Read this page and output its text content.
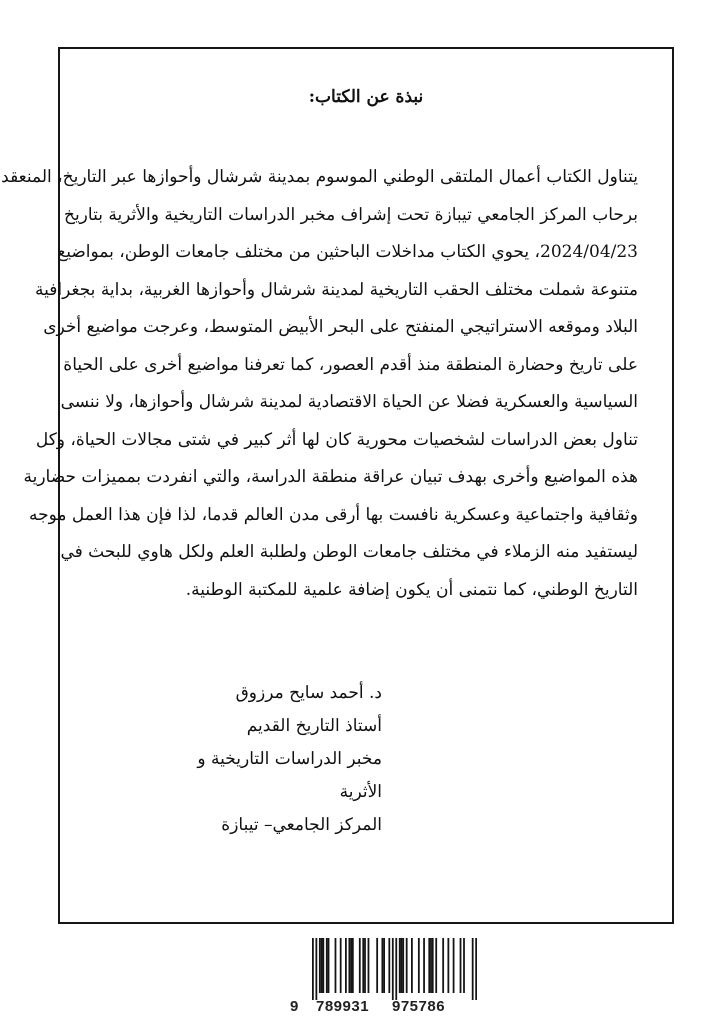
نبذة عن الكتاب:
يتناول الكتاب أعمال الملتقى الوطني الموسوم بمدينة شرشال وأحوازها عبر التاريخ، المنعقد
برحاب المركز الجامعي تيبازة تحت إشراف مخبر الدراسات التاريخية والأثرية بتاريخ
2024/04/23، يحوي الكتاب مداخلات الباحثين من مختلف جامعات الوطن، بمواضيع
متنوعة شملت مختلف الحقب التاريخية لمدينة شرشال وأحوازها الغربية، بداية بجغرافية
البلاد وموقعه الاستراتيجي المنفتح على البحر الأبيض المتوسط، وعرجت مواضيع أخرى
على تاريخ وحضارة المنطقة منذ أقدم العصور، كما تعرفنا مواضيع أخرى على الحياة
السياسية والعسكرية فضلا عن الحياة الاقتصادية لمدينة شرشال وأحوازها، ولا ننسى
تناول بعض الدراسات لشخصيات محورية كان لها أثر كبير في شتى مجالات الحياة، وكل
هذه المواضيع وأخرى بهدف تبيان عراقة منطقة الدراسة، والتي انفردت بمميزات حضارية
وثقافية واجتماعية وعسكرية نافست بها أرقى مدن العالم قدما، لذا فإن هذا العمل موجه
ليستفيد منه الزملاء في مختلف جامعات الوطن ولطلبة العلم ولكل هاوي للبحث في
التاريخ الوطني، كما نتمنى أن يكون إضافة علمية للمكتبة الوطنية.
د. أحمد سايح مرزوق
أستاذ التاريخ القديم
مخبر الدراسات التاريخية و الأثرية
المركز الجامعي– تيبازة
9 789931 975786
